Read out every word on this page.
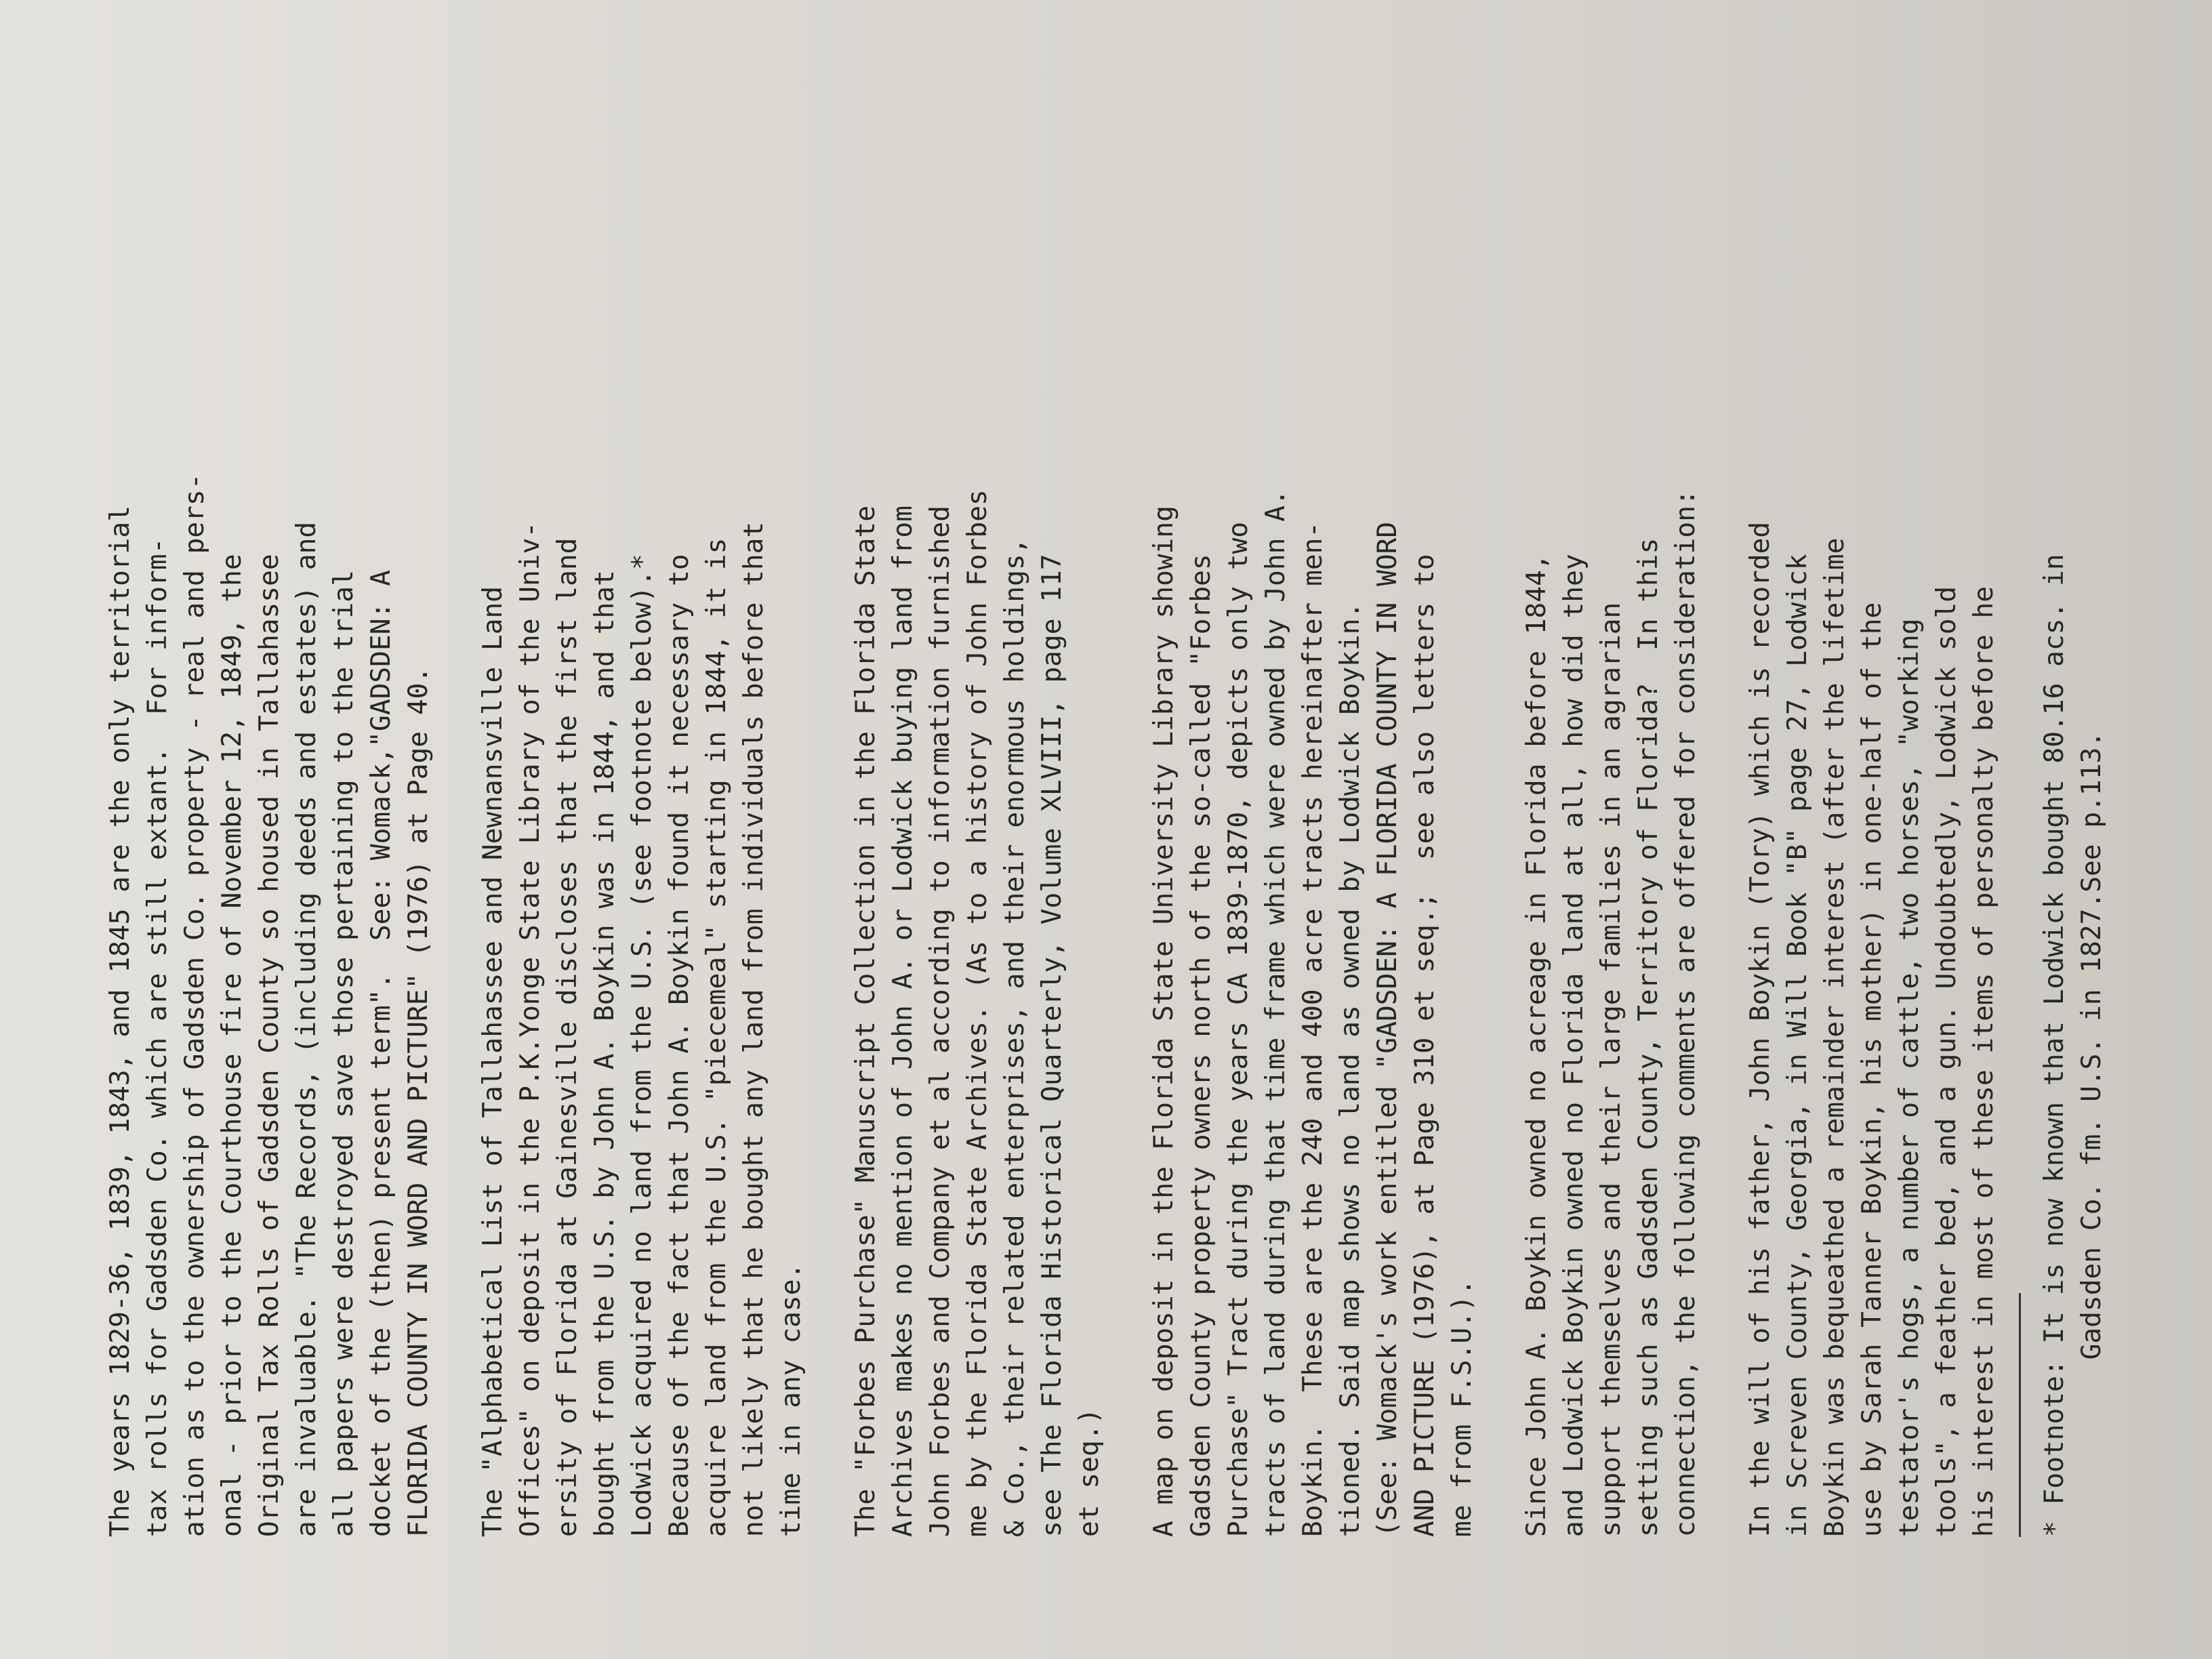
The years 1829-36, 1839, 1843, and 1845 are the only territorial tax rolls for Gadsden Co. which are still extant.  For inform- ation as to the ownership of Gadsden Co. property - real and pers- onal - prior to the Courthouse fire of November 12, 1849, the Original Tax Rolls of Gadsden County so housed in Tallahassee are invaluable. "The Records, (including deeds and estates) and all papers were destroyed save those pertaining to the trial docket of the (then) present term".  See: Womack,"GADSDEN: A FLORIDA COUNTY IN WORD AND PICTURE" (1976) at Page 40. The "Alphabetical List of Tallahassee and Newnansville Land Offices" on deposit in the P.K.Yonge State Library of the Univ- ersity of Florida at Gainesville discloses that the first land bought from the U.S. by John A. Boykin was in 1844, and that Lodwick acquired no land from the U.S. (see footnote below).* Because of the fact that John A. Boykin found it necessary to acquire land from the U.S. "piecemeal" starting in 1844, it is not likely that he bought any land from individuals before that time in any case. The "Forbes Purchase" Manuscript Collection in the Florida State Archives makes no mention of John A. or Lodwick buying land from John Forbes and Company et al according to information furnished me by the Florida State Archives. (As to a history of John Forbes & Co., their related enterprises, and their enormous holdings, see The Florida Historical Quarterly, Volume XLVIII, page 117 et seq.) A map on deposit in the Florida State University Library showing Gadsden County property owners north of the so-called "Forbes Purchase" Tract during the years CA 1839-1870, depicts only two tracts of land during that time frame which were owned by John A. Boykin.  These are the 240 and 400 acre tracts hereinafter men- tioned. Said map shows no land as owned by Lodwick Boykin. (See: Womack's work entitled "GADSDEN: A FLORIDA COUNTY IN WORD AND PICTURE (1976), at Page 310 et seq.;  see also letters to me from F.S.U.). Since John A. Boykin owned no acreage in Florida before 1844, and Lodwick Boykin owned no Florida land at all, how did they support themselves and their large families in an agrarian setting such as Gadsden County, Territory of Florida?  In this connection, the following comments are offered for consideration: In the will of his father, John Boykin (Tory) which is recorded in Screven County, Georgia, in Will Book "B" page 27, Lodwick Boykin was bequeathed a remainder interest (after the lifetime use by Sarah Tanner Boykin, his mother) in one-half of the testator's hogs, a number of cattle, two horses, "working tools", a feather bed, and a gun. Undoubtedly, Lodwick sold his interest in most of these items of personalty before he * Footnote: It is now known that Lodwick bought 80.16 acs. in Gadsden Co. fm. U.S. in 1827.See p.113.
